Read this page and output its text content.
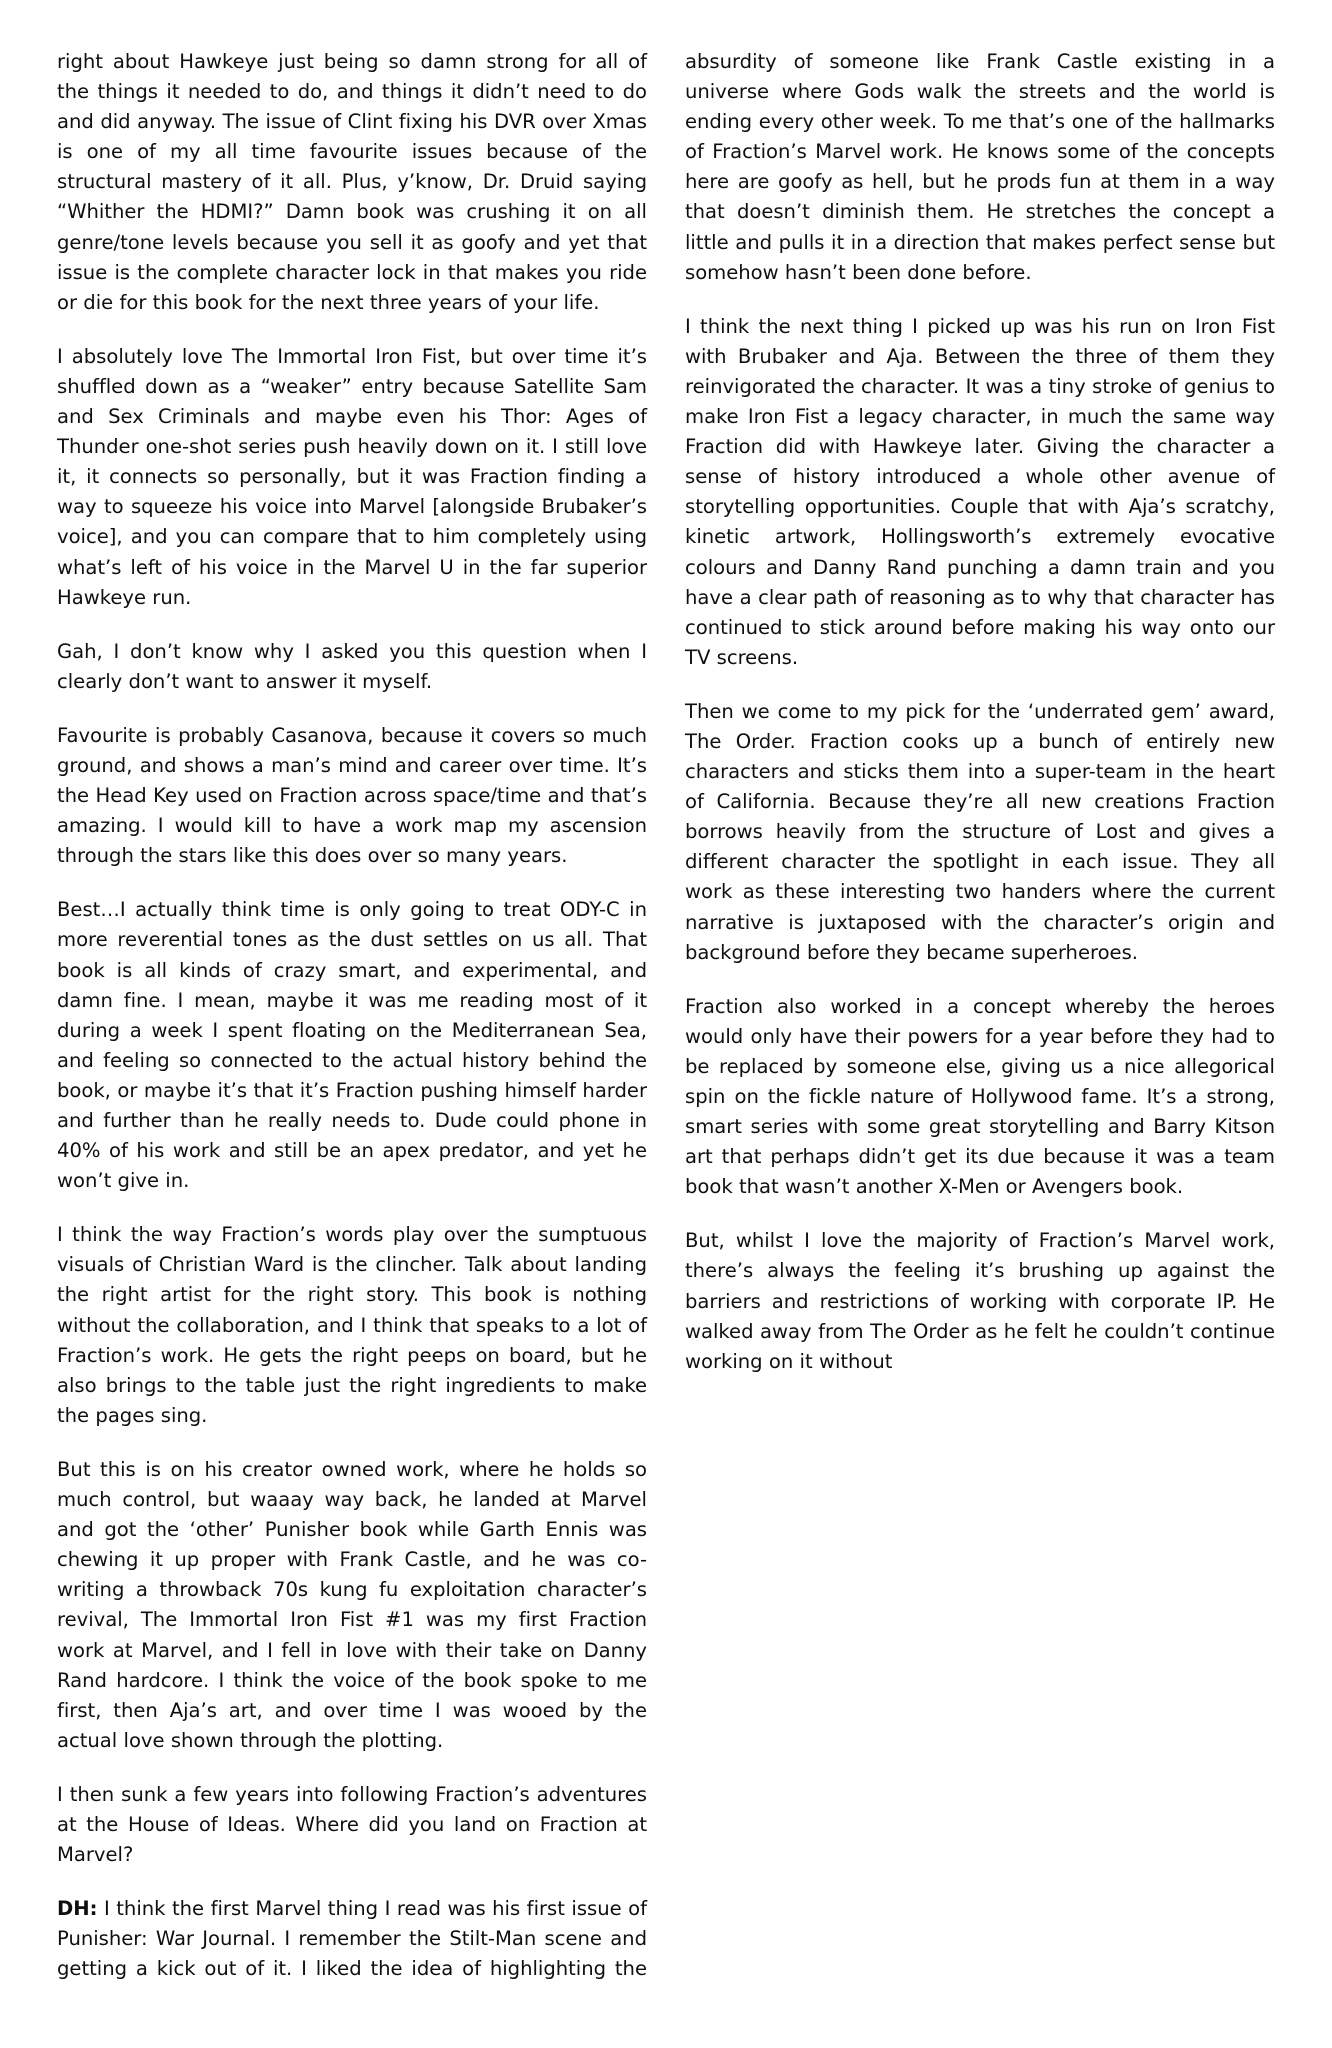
right about Hawkeye just being so damn strong for all of the things it needed to do, and things it didn’t need to do and did anyway. The issue of Clint fixing his DVR over Xmas is one of my all time favourite issues because of the structural mastery of it all. Plus, y’know, Dr. Druid saying “Whither the HDMI?” Damn book was crushing it on all genre/tone levels because you sell it as goofy and yet that issue is the complete character lock in that makes you ride or die for this book for the next three years of your life.

I absolutely love The Immortal Iron Fist, but over time it’s shuffled down as a “weaker” entry because Satellite Sam and Sex Criminals and maybe even his Thor: Ages of Thunder one-shot series push heavily down on it. I still love it, it connects so personally, but it was Fraction finding a way to squeeze his voice into Marvel [alongside Brubaker’s voice], and you can compare that to him completely using what’s left of his voice in the Marvel U in the far superior Hawkeye run.

Gah, I don’t know why I asked you this question when I clearly don’t want to answer it myself.

Favourite is probably Casanova, because it covers so much ground, and shows a man’s mind and career over time. It’s the Head Key used on Fraction across space/time and that’s amazing. I would kill to have a work map my ascension through the stars like this does over so many years.

Best…I actually think time is only going to treat ODY-C in more reverential tones as the dust settles on us all. That book is all kinds of crazy smart, and experimental, and damn fine. I mean, maybe it was me reading most of it during a week I spent floating on the Mediterranean Sea, and feeling so connected to the actual history behind the book, or maybe it’s that it’s Fraction pushing himself harder and further than he really needs to. Dude could phone in 40% of his work and still be an apex predator, and yet he won’t give in.

I think the way Fraction’s words play over the sumptuous visuals of Christian Ward is the clincher. Talk about landing the right artist for the right story. This book is nothing without the collaboration, and I think that speaks to a lot of Fraction’s work. He gets the right peeps on board, but he also brings to the table just the right ingredients to make the pages sing.

But this is on his creator owned work, where he holds so much control, but waaay way back, he landed at Marvel and got the ‘other’ Punisher book while Garth Ennis was chewing it up proper with Frank Castle, and he was co-writing a throwback 70s kung fu exploitation character’s revival, The Immortal Iron Fist #1 was my first Fraction work at Marvel, and I fell in love with their take on Danny Rand hardcore. I think the voice of the book spoke to me first, then Aja’s art, and over time I was wooed by the actual love shown through the plotting.

I then sunk a few years into following Fraction’s adventures at the House of Ideas. Where did you land on Fraction at Marvel?

DH: I think the first Marvel thing I read was his first issue of Punisher: War Journal. I remember the Stilt-Man scene and getting a kick out of it. I liked the idea of highlighting the absurdity of someone like Frank Castle existing in a universe where Gods walk the streets and the world is ending every other week. To me that’s one of the hallmarks of Fraction’s Marvel work. He knows some of the concepts here are goofy as hell, but he prods fun at them in a way that doesn’t diminish them. He stretches the concept a little and pulls it in a direction that makes perfect sense but somehow hasn’t been done before.

I think the next thing I picked up was his run on Iron Fist with Brubaker and Aja. Between the three of them they reinvigorated the character. It was a tiny stroke of genius to make Iron Fist a legacy character, in much the same way Fraction did with Hawkeye later. Giving the character a sense of history introduced a whole other avenue of storytelling opportunities. Couple that with Aja’s scratchy, kinetic artwork, Hollingsworth’s extremely evocative colours and Danny Rand punching a damn train and you have a clear path of reasoning as to why that character has continued to stick around before making his way onto our TV screens.

Then we come to my pick for the ‘underrated gem’ award, The Order. Fraction cooks up a bunch of entirely new characters and sticks them into a super-team in the heart of California. Because they’re all new creations Fraction borrows heavily from the structure of Lost and gives a different character the spotlight in each issue. They all work as these interesting two handers where the current narrative is juxtaposed with the character’s origin and background before they became superheroes.

Fraction also worked in a concept whereby the heroes would only have their powers for a year before they had to be replaced by someone else, giving us a nice allegorical spin on the fickle nature of Hollywood fame. It’s a strong, smart series with some great storytelling and Barry Kitson art that perhaps didn’t get its due because it was a team book that wasn’t another X-Men or Avengers book.

But, whilst I love the majority of Fraction’s Marvel work, there’s always the feeling it’s brushing up against the barriers and restrictions of working with corporate IP. He walked away from The Order as he felt he couldn’t continue working on it without
